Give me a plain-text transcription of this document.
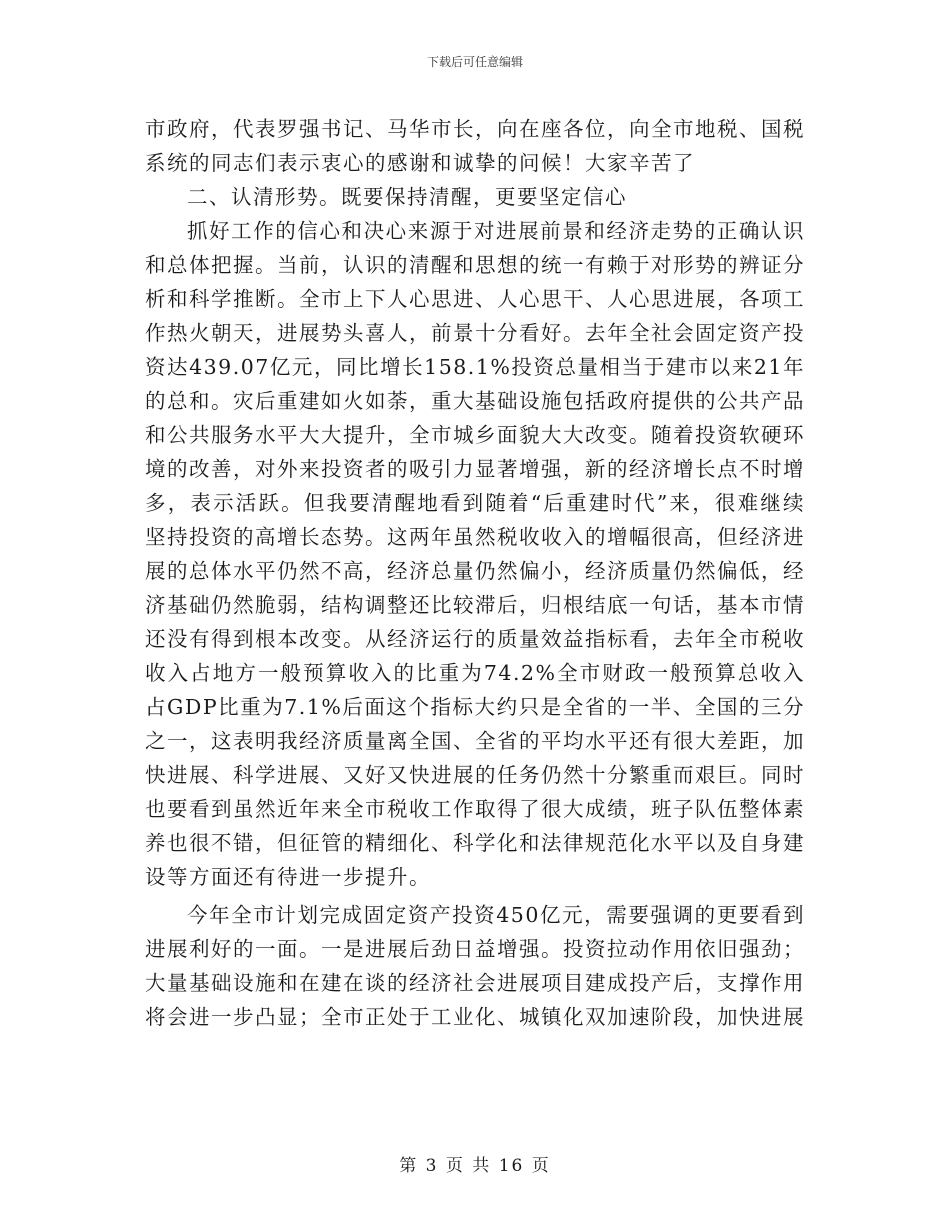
下载后可任意编辑

市政府，代表罗强书记、马华市长，向在座各位，向全市地税、国税系统的同志们表示衷心的感谢和诚挚的问候！大家辛苦了

二、认清形势。既要保持清醒，更要坚定信心

抓好工作的信心和决心来源于对进展前景和经济走势的正确认识和总体把握。当前，认识的清醒和思想的统一有赖于对形势的辨证分析和科学推断。全市上下人心思进、人心思干、人心思进展，各项工作热火朝天，进展势头喜人，前景十分看好。去年全社会固定资产投资达439.07亿元，同比增长158.1%投资总量相当于建市以来21年的总和。灾后重建如火如荼，重大基础设施包括政府提供的公共产品和公共服务水平大大提升，全市城乡面貌大大改变。随着投资软硬环境的改善，对外来投资者的吸引力显著增强，新的经济增长点不时增多，表示活跃。但我要清醒地看到随着“后重建时代”来，很难继续坚持投资的高增长态势。这两年虽然税收收入的增幅很高，但经济进展的总体水平仍然不高，经济总量仍然偏小，经济质量仍然偏低，经济基础仍然脆弱，结构调整还比较滞后，归根结底一句话，基本市情还没有得到根本改变。从经济运行的质量效益指标看，去年全市税收收入占地方一般预算收入的比重为74.2%全市财政一般预算总收入占GDP比重为7.1%后面这个指标大约只是全省的一半、全国的三分之一，这表明我经济质量离全国、全省的平均水平还有很大差距，加快进展、科学进展、又好又快进展的任务仍然十分繁重而艰巨。同时也要看到虽然近年来全市税收工作取得了很大成绩，班子队伍整体素养也很不错，但征管的精细化、科学化和法律规范化水平以及自身建设等方面还有待进一步提升。

今年全市计划完成固定资产投资450亿元，需要强调的更要看到进展利好的一面。一是进展后劲日益增强。投资拉动作用依旧强劲；大量基础设施和在建在谈的经济社会进展项目建成投产后，支撑作用将会进一步凸显；全市正处于工业化、城镇化双加速阶段，加快进展

第 3 页 共 16 页
